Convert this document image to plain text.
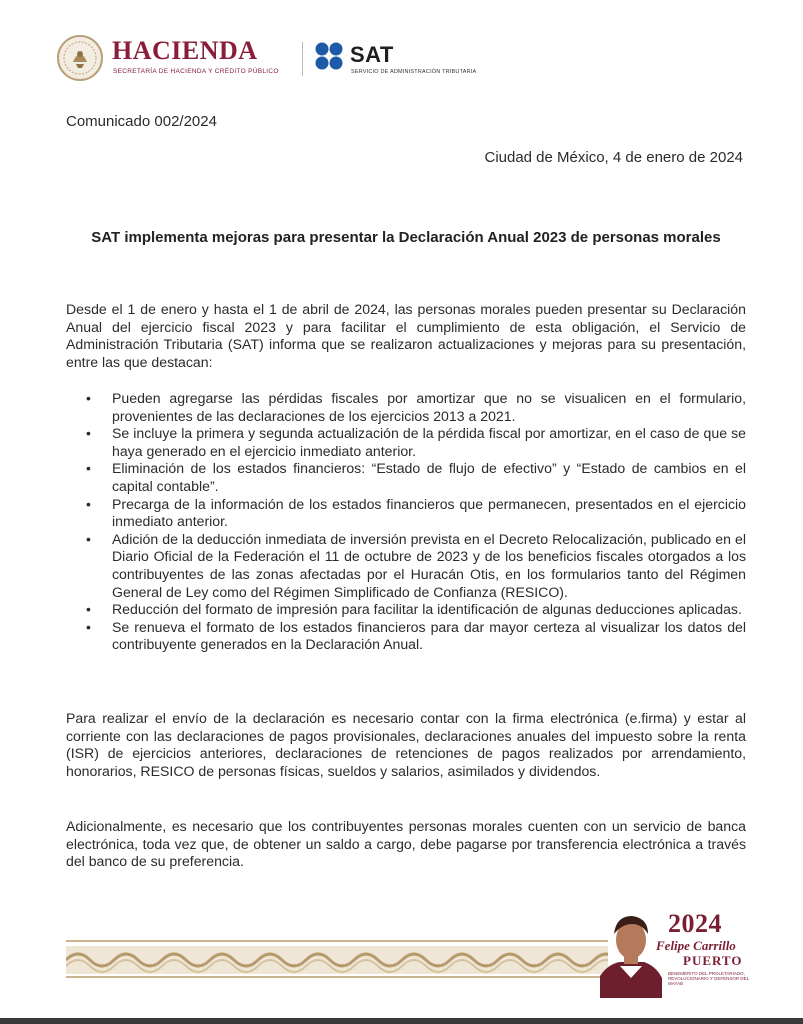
HACIENDA
SECRETARÍA DE HACIENDA Y CRÉDITO PÚBLICO
SAT
SERVICIO DE ADMINISTRACIÓN TRIBUTARIA
Comunicado 002/2024
Ciudad de México, 4 de enero de 2024
SAT implementa mejoras para presentar la Declaración Anual 2023 de personas morales
Desde el 1 de enero y hasta el 1 de abril de 2024, las personas morales pueden presentar su Declaración Anual del ejercicio fiscal 2023 y para facilitar el cumplimiento de esta obligación, el Servicio de Administración Tributaria (SAT) informa que se realizaron actualizaciones y mejoras para su presentación, entre las que destacan:
• Pueden agregarse las pérdidas fiscales por amortizar que no se visualicen en el formulario, provenientes de las declaraciones de los ejercicios 2013 a 2021.
• Se incluye la primera y segunda actualización de la pérdida fiscal por amortizar, en el caso de que se haya generado en el ejercicio inmediato anterior.
• Eliminación de los estados financieros: “Estado de flujo de efectivo” y “Estado de cambios en el capital contable”.
• Precarga de la información de los estados financieros que permanecen, presentados en el ejercicio inmediato anterior.
• Adición de la deducción inmediata de inversión prevista en el Decreto Relocalización, publicado en el Diario Oficial de la Federación el 11 de octubre de 2023 y de los beneficios fiscales otorgados a los contribuyentes de las zonas afectadas por el Huracán Otis, en los formularios tanto del Régimen General de Ley como del Régimen Simplificado de Confianza (RESICO).
• Reducción del formato de impresión para facilitar la identificación de algunas deducciones aplicadas.
• Se renueva el formato de los estados financieros para dar mayor certeza al visualizar los datos del contribuyente generados en la Declaración Anual.
Para realizar el envío de la declaración es necesario contar con la firma electrónica (e.firma) y estar al corriente con las declaraciones de pagos provisionales, declaraciones anuales del impuesto sobre la renta (ISR) de ejercicios anteriores, declaraciones de retenciones de pagos realizados por arrendamiento, honorarios, RESICO de personas físicas, sueldos y salarios, asimilados y dividendos.
Adicionalmente, es necesario que los contribuyentes personas morales cuenten con un servicio de banca electrónica, toda vez que, de obtener un saldo a cargo, debe pagarse por transferencia electrónica a través del banco de su preferencia.
2024
Felipe Carrillo
PUERTO
BENEMÉRITO DEL PROLETARIADO, REVOLUCIONARIO Y DEFENSOR DEL MAYAB
